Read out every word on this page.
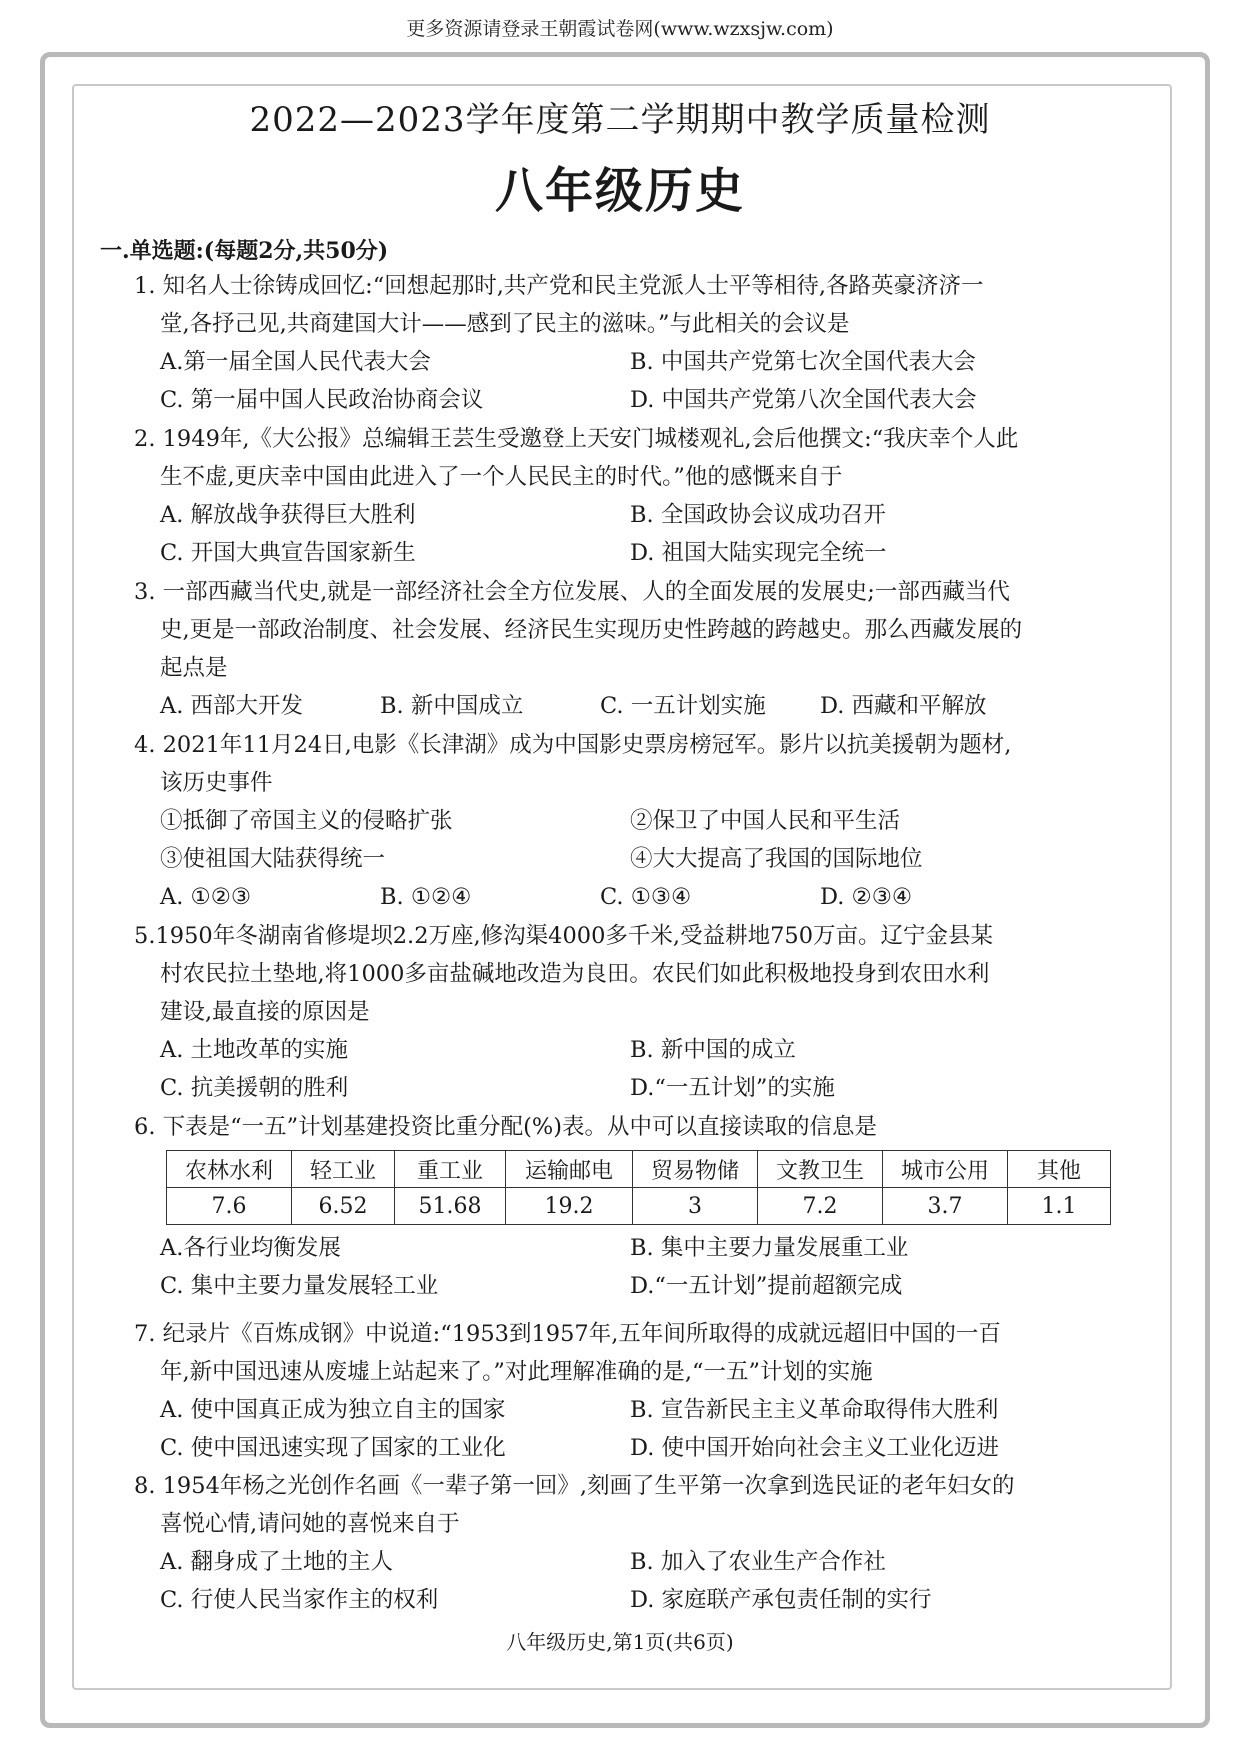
更多资源请登录王朝霞试卷网(www.wzxsjw.com)
2022—2023学年度第二学期期中教学质量检测
八年级历史
一.单选题:(每题2分,共50分)
1. 知名人士徐铸成回忆:“回想起那时,共产党和民主党派人士平等相待,各路英豪济济一
堂,各抒己见,共商建国大计——感到了民主的滋味。”与此相关的会议是
A.第一届全国人民代表大会	B. 中国共产党第七次全国代表大会
C. 第一届中国人民政治协商会议	D. 中国共产党第八次全国代表大会
2. 1949年,《大公报》总编辑王芸生受邀登上天安门城楼观礼,会后他撰文:“我庆幸个人此
生不虚,更庆幸中国由此进入了一个人民民主的时代。”他的感慨来自于
A. 解放战争获得巨大胜利	B. 全国政协会议成功召开
C. 开国大典宣告国家新生	D. 祖国大陆实现完全统一
3. 一部西藏当代史,就是一部经济社会全方位发展、人的全面发展的发展史;一部西藏当代
史,更是一部政治制度、社会发展、经济民生实现历史性跨越的跨越史。那么西藏发展的
起点是
A. 西部大开发	B. 新中国成立	C. 一五计划实施	D. 西藏和平解放
4. 2021年11月24日,电影《长津湖》成为中国影史票房榜冠军。影片以抗美援朝为题材,
该历史事件
①抵御了帝国主义的侵略扩张	②保卫了中国人民和平生活
③使祖国大陆获得统一	④大大提高了我国的国际地位
A. ①②③	B. ①②④	C. ①③④	D. ②③④
5.1950年冬湖南省修堤坝2.2万座,修沟渠4000多千米,受益耕地750万亩。辽宁金县某
村农民拉土垫地,将1000多亩盐碱地改造为良田。农民们如此积极地投身到农田水利
建设,最直接的原因是
A. 土地改革的实施	B. 新中国的成立
C. 抗美援朝的胜利	D.“一五计划”的实施
6. 下表是“一五”计划基建投资比重分配(%)表。从中可以直接读取的信息是
农林水利	轻工业	重工业	运输邮电	贸易物储	文教卫生	城市公用	其他
7.6	6.52	51.68	19.2	3	7.2	3.7	1.1
A.各行业均衡发展	B. 集中主要力量发展重工业
C. 集中主要力量发展轻工业	D.“一五计划”提前超额完成
7. 纪录片《百炼成钢》中说道:“1953到1957年,五年间所取得的成就远超旧中国的一百
年,新中国迅速从废墟上站起来了。”对此理解准确的是,“一五”计划的实施
A. 使中国真正成为独立自主的国家	B. 宣告新民主主义革命取得伟大胜利
C. 使中国迅速实现了国家的工业化	D. 使中国开始向社会主义工业化迈进
8. 1954年杨之光创作名画《一辈子第一回》,刻画了生平第一次拿到选民证的老年妇女的
喜悦心情,请问她的喜悦来自于
A. 翻身成了土地的主人	B. 加入了农业生产合作社
C. 行使人民当家作主的权利	D. 家庭联产承包责任制的实行
八年级历史,第1页(共6页)
